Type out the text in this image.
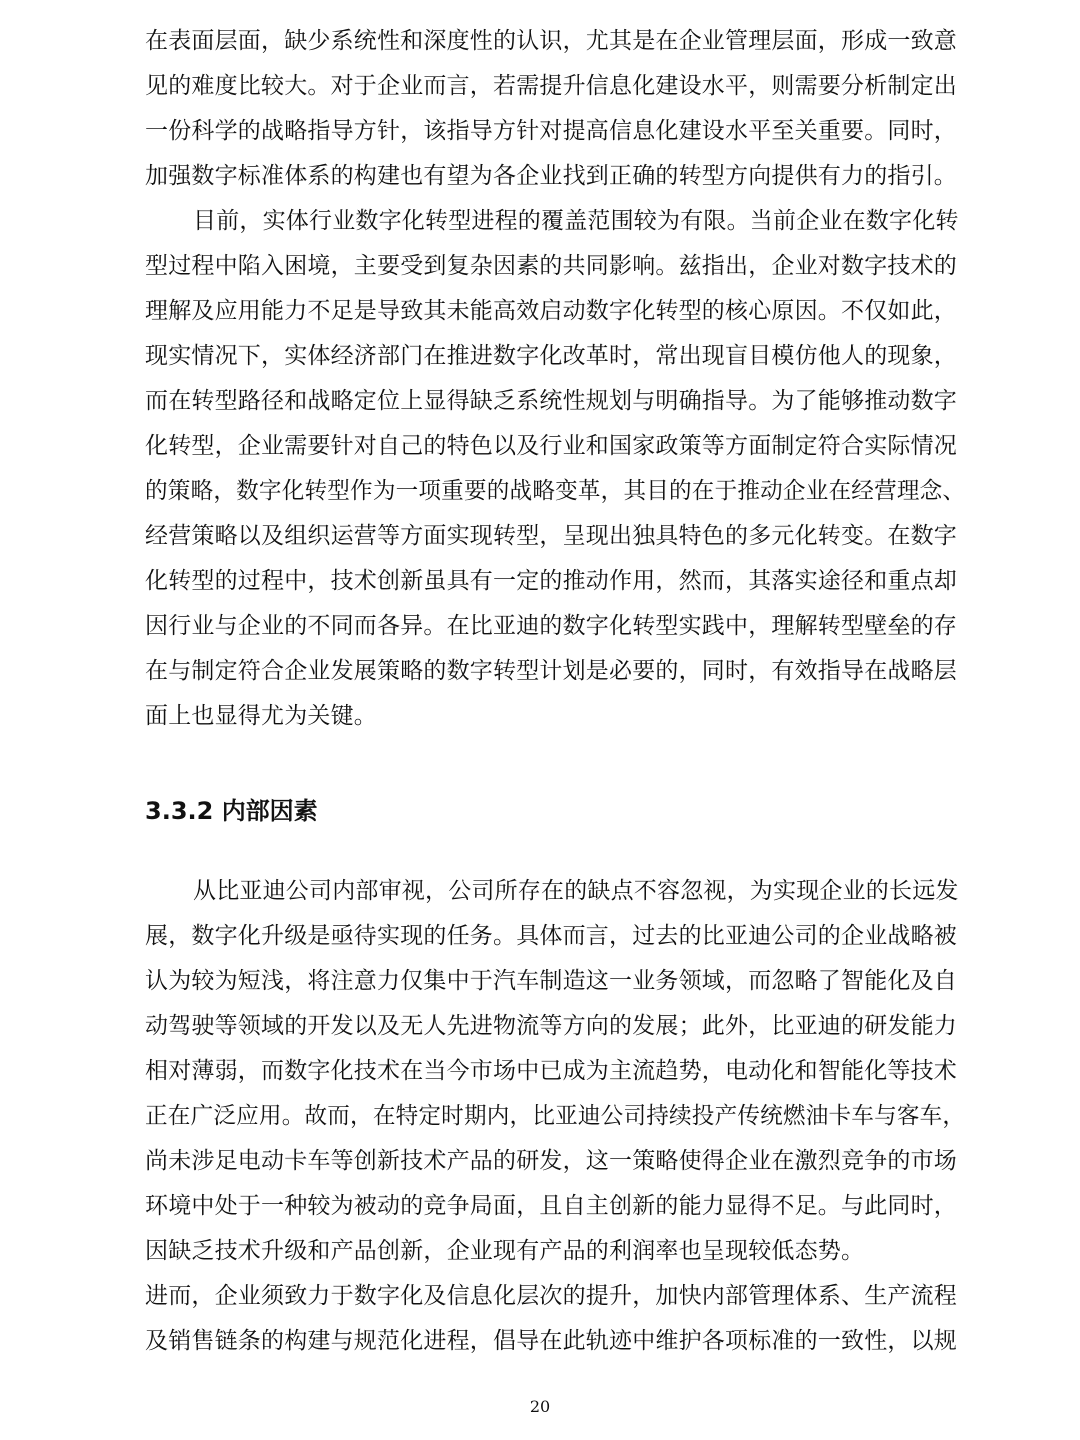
在表面层面，缺少系统性和深度性的认识，尤其是在企业管理层面，形成一致意
见的难度比较大。对于企业而言，若需提升信息化建设水平，则需要分析制定出
一份科学的战略指导方针，该指导方针对提高信息化建设水平至关重要。同时，
加强数字标准体系的构建也有望为各企业找到正确的转型方向提供有力的指引。
目前，实体行业数字化转型进程的覆盖范围较为有限。当前企业在数字化转
型过程中陷入困境，主要受到复杂因素的共同影响。兹指出，企业对数字技术的
理解及应用能力不足是导致其未能高效启动数字化转型的核心原因。不仅如此，
现实情况下，实体经济部门在推进数字化改革时，常出现盲目模仿他人的现象，
而在转型路径和战略定位上显得缺乏系统性规划与明确指导。为了能够推动数字
化转型，企业需要针对自己的特色以及行业和国家政策等方面制定符合实际情况
的策略，数字化转型作为一项重要的战略变革，其目的在于推动企业在经营理念、
经营策略以及组织运营等方面实现转型，呈现出独具特色的多元化转变。在数字
化转型的过程中，技术创新虽具有一定的推动作用，然而，其落实途径和重点却
因行业与企业的不同而各异。在比亚迪的数字化转型实践中，理解转型壁垒的存
在与制定符合企业发展策略的数字转型计划是必要的，同时，有效指导在战略层
面上也显得尤为关键。
3.3.2 内部因素
从比亚迪公司内部审视，公司所存在的缺点不容忽视，为实现企业的长远发
展，数字化升级是亟待实现的任务。具体而言，过去的比亚迪公司的企业战略被
认为较为短浅，将注意力仅集中于汽车制造这一业务领域，而忽略了智能化及自
动驾驶等领域的开发以及无人先进物流等方向的发展；此外，比亚迪的研发能力
相对薄弱，而数字化技术在当今市场中已成为主流趋势，电动化和智能化等技术
正在广泛应用。故而，在特定时期内，比亚迪公司持续投产传统燃油卡车与客车，
尚未涉足电动卡车等创新技术产品的研发，这一策略使得企业在激烈竞争的市场
环境中处于一种较为被动的竞争局面，且自主创新的能力显得不足。与此同时，
因缺乏技术升级和产品创新，企业现有产品的利润率也呈现较低态势。
进而，企业须致力于数字化及信息化层次的提升，加快内部管理体系、生产流程
及销售链条的构建与规范化进程，倡导在此轨迹中维护各项标准的一致性，以规
20
